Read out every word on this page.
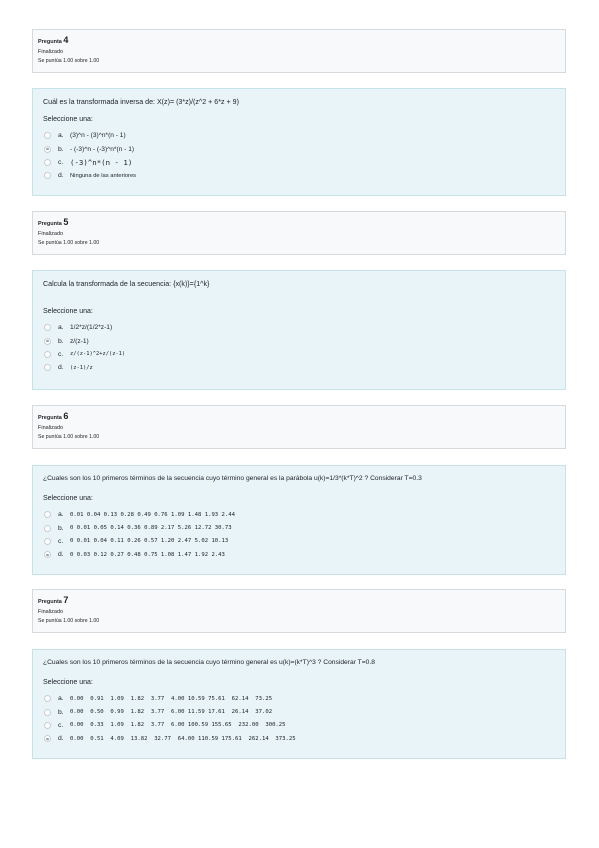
Pregunta 4
Finalizado
Se puntúa 1.00 sobre 1.00
Cuál es la transformada inversa de: X(z)= (3*z)/(z^2 + 6*z + 9)
Seleccione una:
a. (3)^n - (3)^n*(n - 1)
b. - (-3)^n - (-3)^n*(n - 1)
c. (-3)^n*(n - 1)
d.	Ninguna de las anteriores
Pregunta 5
Finalizado
Se puntúa 1.00 sobre 1.00
Calcula la transformada de la secuencia: {x(k)}={1^k}
Seleccione una:
a. 1/2*z/(1/2*z-1)
b. z/(z-1)
c.	z/(z-1)^2+z/(z-1)
d.	(z-1)/z
Pregunta 6
Finalizado
Se puntúa 1.00 sobre 1.00
¿Cuales son los 10 primeros términos de la secuencia cuyo término general es la parábola u(k)=1/3*(k*T)^2 ? Considerar T=0.3
Seleccione una:
a.	0.01 0.04 0.13 0.28 0.49 0.76 1.09 1.48 1.93 2.44
b.	0 0.01 0.05 0.14 0.36 0.89 2.17 5.26 12.72 30.73
c.	0 0.01 0.04 0.11 0.26 0.57 1.20 2.47 5.02 10.13
d.	0 0.03 0.12 0.27 0.48 0.75 1.08 1.47 1.92 2.43
Pregunta 7
Finalizado
Se puntúa 1.00 sobre 1.00
¿Cuales son los 10 primeros términos de la secuencia cuyo término general es u(k)=(k*T)^3 ? Considerar T=0.8
Seleccione una:
a.	0.00  0.91  1.09  1.82  3.77  4.00 10.59 75.61  62.14  73.25
b.	0.00  0.50  0.99  1.82  3.77  6.00 11.59 17.61  26.14  37.02
c.	0.00  0.33  1.09  1.82  3.77  6.00 100.59 155.65  232.00  300.25
d.	0.00  0.51  4.09  13.82  32.77  64.00 110.59 175.61  262.14  373.25
